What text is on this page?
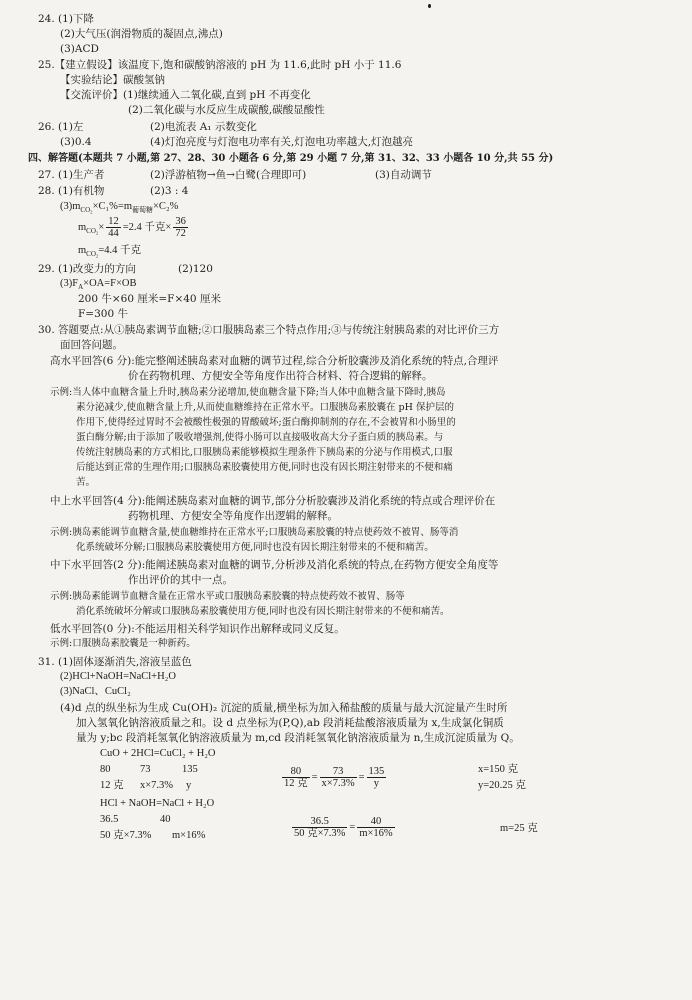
24. (1)下降
(2)大气压(润滑物质的凝固点,沸点)
(3)ACD
25.【建立假设】该温度下,饱和碳酸钠溶液的 pH 为 11.6,此时 pH 小于 11.6
【实验结论】碳酸氢钠
【交流评价】(1)继续通入二氧化碳,直到 pH 不再变化
(2)二氧化碳与水反应生成碳酸,碳酸显酸性
26. (1)左	(2)电流表 A₁ 示数变化
(3)0.4	(4)灯泡亮度与灯泡电功率有关,灯泡电功率越大,灯泡越亮
四、解答题(本题共 7 小题,第 27、28、30 小题各 6 分,第 29 小题 7 分,第 31、32、33 小题各 10 分,共 55 分)
27. (1)生产者	(2)浮游植物→鱼→白鹭(合理即可)	(3)自动调节
28. (1)有机物	(2)3 : 4
$(3)m_{CO_2}\times C_1\%=m_{葡萄糖}\times C_2\%$
$m_{CO_2}\times \frac{12}{44} =2.4$ 千克× $\frac{36}{72}$
$m_{CO_2}=4.4$ 千克
29. (1)改变力的方向	(2)120
$(3)F_A\times OA=F\times OB$
200 牛×60 厘米=F×40 厘米
F=300 牛
30. 答题要点:从①胰岛素调节血糖;②口服胰岛素三个特点作用;③与传统注射胰岛素的对比评价三方
面回答问题。
高水平回答(6 分):能完整阐述胰岛素对血糖的调节过程,综合分析胶囊涉及消化系统的特点,合理评
价在药物机理、方便安全等角度作出符合材料、符合逻辑的解释。
示例:当人体中血糖含量上升时,胰岛素分泌增加,使血糖含量下降;当人体中血糖含量下降时,胰岛
素分泌减少,使血糖含量上升,从而使血糖维持在正常水平。口服胰岛素胶囊在 pH 保护层的
作用下,使得经过胃时不会被酸性极强的胃酸破坏;蛋白酶抑制剂的存在,不会被胃和小肠里的
蛋白酶分解;由于添加了吸收增强剂,使得小肠可以直接吸收高大分子蛋白质的胰岛素。与
传统注射胰岛素的方式相比,口服胰岛素能够模拟生理条件下胰岛素的分泌与作用模式,口服
后能达到正常的生理作用;口服胰岛素胶囊使用方便,同时也没有因长期注射带来的不便和痛
苦。
中上水平回答(4 分):能阐述胰岛素对血糖的调节,部分分析胶囊涉及消化系统的特点或合理评价在
药物机理、方便安全等角度作出逻辑的解释。
示例:胰岛素能调节血糖含量,使血糖维持在正常水平;口服胰岛素胶囊的特点使药效不被胃、肠等消
化系统破坏分解;口服胰岛素胶囊使用方便,同时也没有因长期注射带来的不便和痛苦。
中下水平回答(2 分):能阐述胰岛素对血糖的调节,分析涉及消化系统的特点,在药物方便安全角度等
作出评价的其中一点。
示例:胰岛素能调节血糖含量在正常水平或口服胰岛素胶囊的特点使药效不被胃、肠等
消化系统破坏分解或口服胰岛素胶囊使用方便,同时也没有因长期注射带来的不便和痛苦。
低水平回答(0 分):不能运用相关科学知识作出解释或同义反复。
示例:口服胰岛素胶囊是一种新药。
31. (1)固体逐渐消失,溶液呈蓝色
(2)HCl+NaOH=NaCl+H₂O
(3)NaCl、CuCl₂
(4)d 点的纵坐标为生成 Cu(OH)₂ 沉淀的质量,横坐标为加入稀盐酸的质量与最大沉淀量产生时所
加入氢氧化钠溶液质量之和。设 d 点坐标为(P,Q),ab 段消耗盐酸溶液质量为 x,生成氯化铜质
量为 y;bc 段消耗氢氧化钠溶液质量为 m,cd 段消耗氢氧化钠溶液质量为 n,生成沉淀质量为 Q。
CuO + 2HCl=CuCl₂ + H₂O
80	73	135
12 克 x×7.3% y	$\frac{80}{\text{12 克}} = \frac{73}{x\times 7.3\%} = \frac{135}{y}$	x=150 克
y=20.25 克
HCl + NaOH=NaCl + H₂O
36.5	40
50 克×7.3% m×16%	$\frac{36.5}{\text{50 克×7.3\%}} = \frac{40}{m\times 16\%}$	m=25 克
